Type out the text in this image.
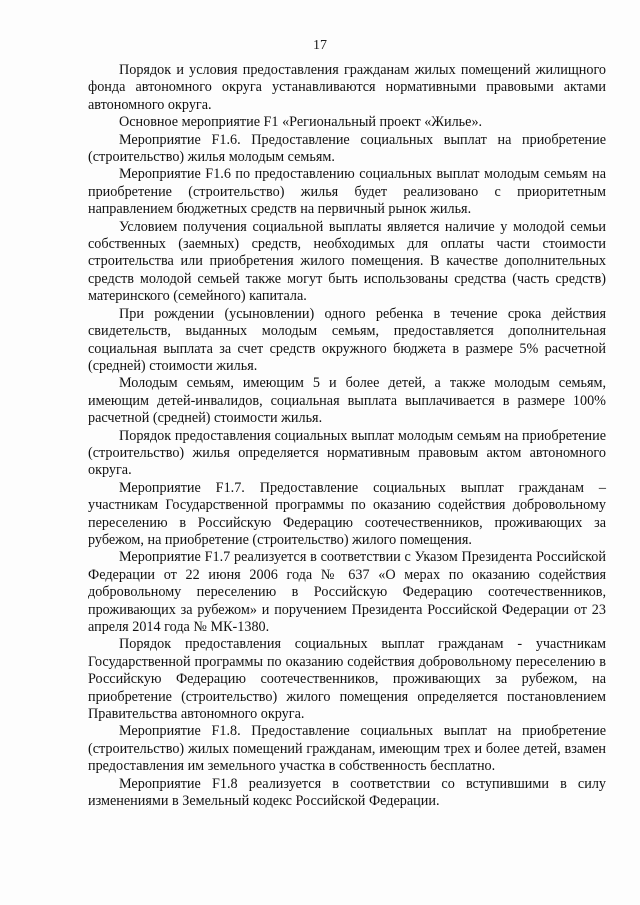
17

Порядок и условия предоставления гражданам жилых помещений жилищного фонда автономного округа устанавливаются нормативными правовыми актами автономного округа.

Основное мероприятие F1 «Региональный проект «Жилье».

Мероприятие F1.6. Предоставление социальных выплат на приобретение (строительство) жилья молодым семьям.

Мероприятие F1.6 по предоставлению социальных выплат молодым семьям на приобретение (строительство) жилья будет реализовано с приоритетным направлением бюджетных средств на первичный рынок жилья.

Условием получения социальной выплаты является наличие у молодой семьи собственных (заемных) средств, необходимых для оплаты части стоимости строительства или приобретения жилого помещения. В качестве дополнительных средств молодой семьей также могут быть использованы средства (часть средств) материнского (семейного) капитала.

При рождении (усыновлении) одного ребенка в течение срока действия свидетельств, выданных молодым семьям, предоставляется дополнительная социальная выплата за счет средств окружного бюджета в размере 5% расчетной (средней) стоимости жилья.

Молодым семьям, имеющим 5 и более детей, а также молодым семьям, имеющим детей-инвалидов, социальная выплата выплачивается в размере 100% расчетной (средней) стоимости жилья.

Порядок предоставления социальных выплат молодым семьям на приобретение (строительство) жилья определяется нормативным правовым актом автономного округа.

Мероприятие F1.7. Предоставление социальных выплат гражданам – участникам Государственной программы по оказанию содействия добровольному переселению в Российскую Федерацию соотечественников, проживающих за рубежом, на приобретение (строительство) жилого помещения.

Мероприятие F1.7 реализуется в соответствии с Указом Президента Российской Федерации от 22 июня 2006 года № 637 «О мерах по оказанию содействия добровольному переселению в Российскую Федерацию соотечественников, проживающих за рубежом» и поручением Президента Российской Федерации от 23 апреля 2014 года № МК-1380.

Порядок предоставления социальных выплат гражданам - участникам Государственной программы по оказанию содействия добровольному переселению в Российскую Федерацию соотечественников, проживающих за рубежом, на приобретение (строительство) жилого помещения определяется постановлением Правительства автономного округа.

Мероприятие F1.8. Предоставление социальных выплат на приобретение (строительство) жилых помещений гражданам, имеющим трех и более детей, взамен предоставления им земельного участка в собственность бесплатно.

Мероприятие F1.8 реализуется в соответствии со вступившими в силу изменениями в Земельный кодекс Российской Федерации.
